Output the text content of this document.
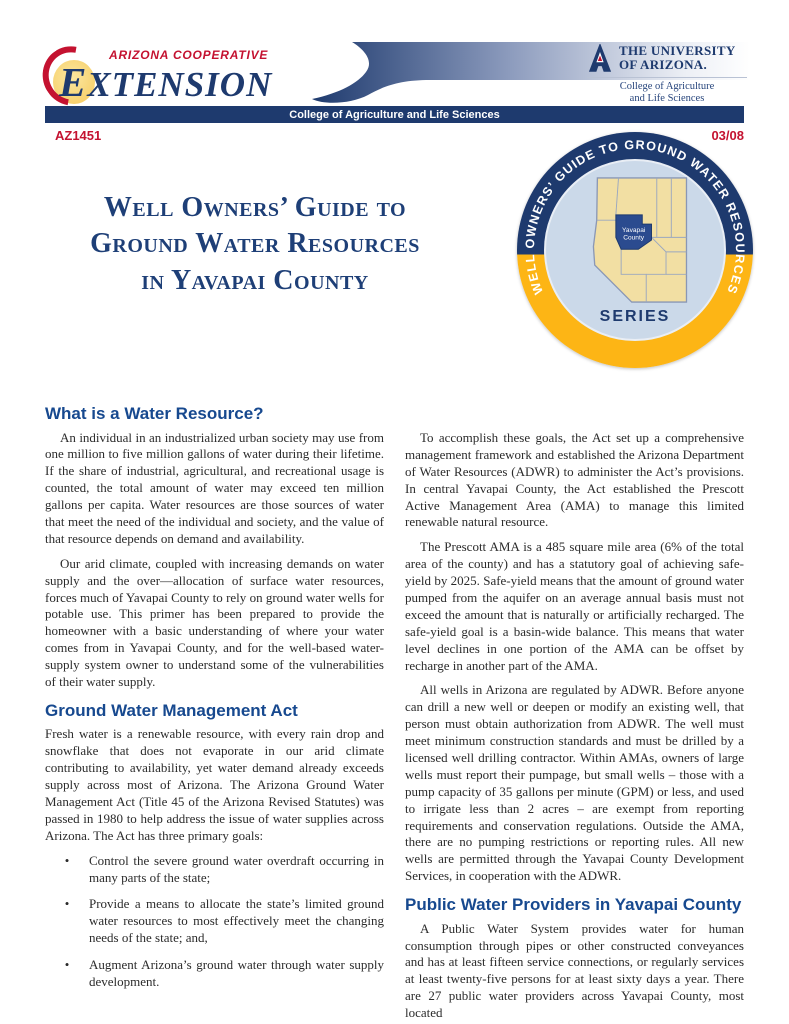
ARIZONA COOPERATIVE
EXTENSION
THE UNIVERSITY
OF ARIZONA.
College of Agriculture
and Life Sciences
College of Agriculture and Life Sciences
AZ1451	03/08
Well Owners’ Guide to
Ground Water Resources
in Yavapai County
Yavapai
County
WELL OWNERS’ GUIDE TO GROUND WATER RESOURCES
SERIES
What is a Water Resource?

An individual in an industrialized urban society may use from one million to five million gallons of water during their lifetime. If the share of industrial, agricultural, and recreational usage is counted, the total amount of water may exceed ten million gallons per capita. Water resources are those sources of water that meet the need of the individual and society, and the value of that resource depends on demand and availability.

Our arid climate, coupled with increasing demands on water supply and the over—allocation of surface water resources, forces much of Yavapai County to rely on ground water wells for potable use. This primer has been prepared to provide the homeowner with a basic understanding of where your water comes from in Yavapai County, and for the well-based water-supply system owner to understand some of the vulnerabilities of their water supply.

Ground Water Management Act

Fresh water is a renewable resource, with every rain drop and snowflake that does not evaporate in our arid climate contributing to availability, yet water demand already exceeds supply across most of Arizona. The Arizona Ground Water Management Act (Title 45 of the Arizona Revised Statutes) was passed in 1980 to help address the issue of water supplies across Arizona. The Act has three primary goals:

•	Control the severe ground water overdraft occurring in many parts of the state;
•	Provide a means to allocate the state’s limited ground water resources to most effectively meet the changing needs of the state; and,
•	Augment Arizona’s ground water through water supply development.

To accomplish these goals, the Act set up a comprehensive management framework and established the Arizona Department of Water Resources (ADWR) to administer the Act’s provisions. In central Yavapai County, the Act established the Prescott Active Management Area (AMA) to manage this limited renewable natural resource.

The Prescott AMA is a 485 square mile area (6% of the total area of the county) and has a statutory goal of achieving safe-yield by 2025. Safe-yield means that the amount of ground water pumped from the aquifer on an average annual basis must not exceed the amount that is naturally or artificially recharged. The safe-yield goal is a basin-wide balance. This means that water level declines in one portion of the AMA can be offset by recharge in another part of the AMA.

All wells in Arizona are regulated by ADWR. Before anyone can drill a new well or deepen or modify an existing well, that person must obtain authorization from ADWR. The well must meet minimum construction standards and must be drilled by a licensed well drilling contractor. Within AMAs, owners of large wells must report their pumpage, but small wells – those with a pump capacity of 35 gallons per minute (GPM) or less, and used to irrigate less than 2 acres – are exempt from reporting requirements and conservation regulations. Outside the AMA, there are no pumping restrictions or reporting rules. All new wells are permitted through the Yavapai County Development Services, in cooperation with the ADWR.

Public Water Providers in Yavapai County

A Public Water System provides water for human consumption through pipes or other constructed conveyances and has at least fifteen service connections, or regularly services at least twenty-five persons for at least sixty days a year. There are 27 public water providers across Yavapai County, most located
